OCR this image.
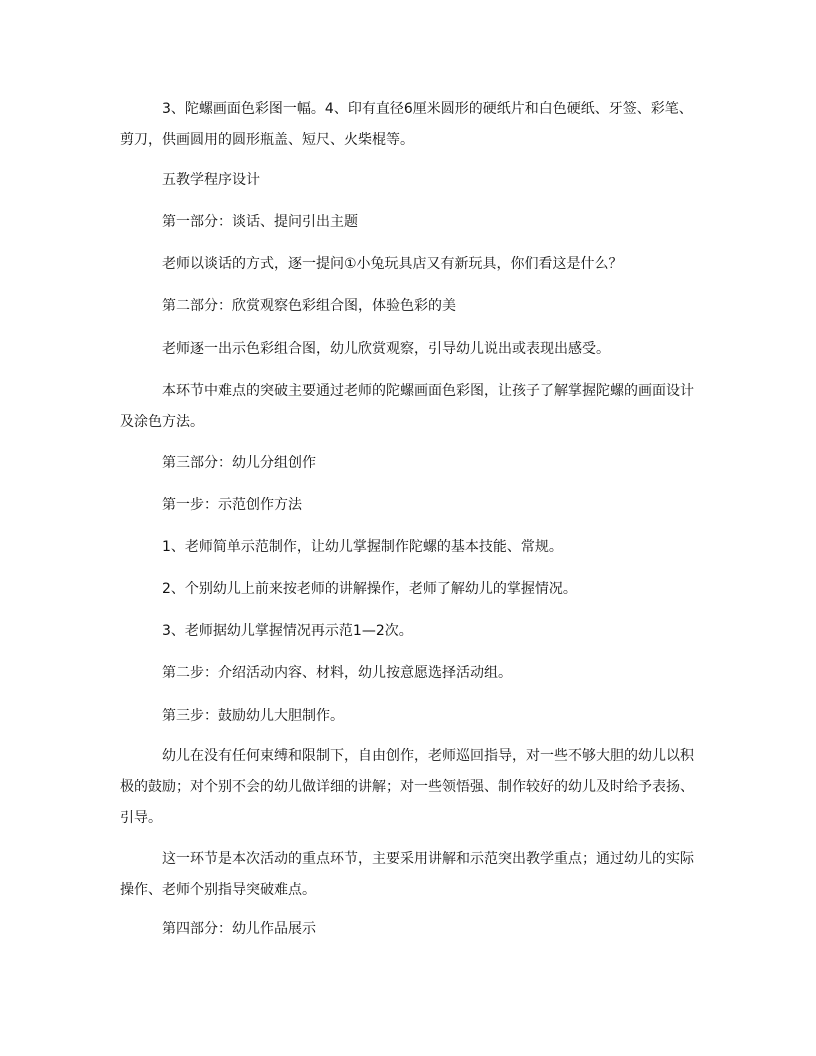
3、陀螺画面色彩图一幅。4、印有直径6厘米圆形的硬纸片和白色硬纸、牙签、彩笔、剪刀，供画圆用的圆形瓶盖、短尺、火柴棍等。

五教学程序设计

第一部分：谈话、提问引出主题

老师以谈话的方式，逐一提问①小兔玩具店又有新玩具，你们看这是什么？

第二部分：欣赏观察色彩组合图，体验色彩的美

老师逐一出示色彩组合图，幼儿欣赏观察，引导幼儿说出或表现出感受。

本环节中难点的突破主要通过老师的陀螺画面色彩图，让孩子了解掌握陀螺的画面设计及涂色方法。

第三部分：幼儿分组创作

第一步：示范创作方法

1、老师简单示范制作，让幼儿掌握制作陀螺的基本技能、常规。

2、个别幼儿上前来按老师的讲解操作，老师了解幼儿的掌握情况。

3、老师据幼儿掌握情况再示范1—2次。

第二步：介绍活动内容、材料，幼儿按意愿选择活动组。

第三步：鼓励幼儿大胆制作。

幼儿在没有任何束缚和限制下，自由创作，老师巡回指导，对一些不够大胆的幼儿以积极的鼓励；对个别不会的幼儿做详细的讲解；对一些领悟强、制作较好的幼儿及时给予表扬、引导。

这一环节是本次活动的重点环节，主要采用讲解和示范突出教学重点；通过幼儿的实际操作、老师个别指导突破难点。

第四部分：幼儿作品展示
